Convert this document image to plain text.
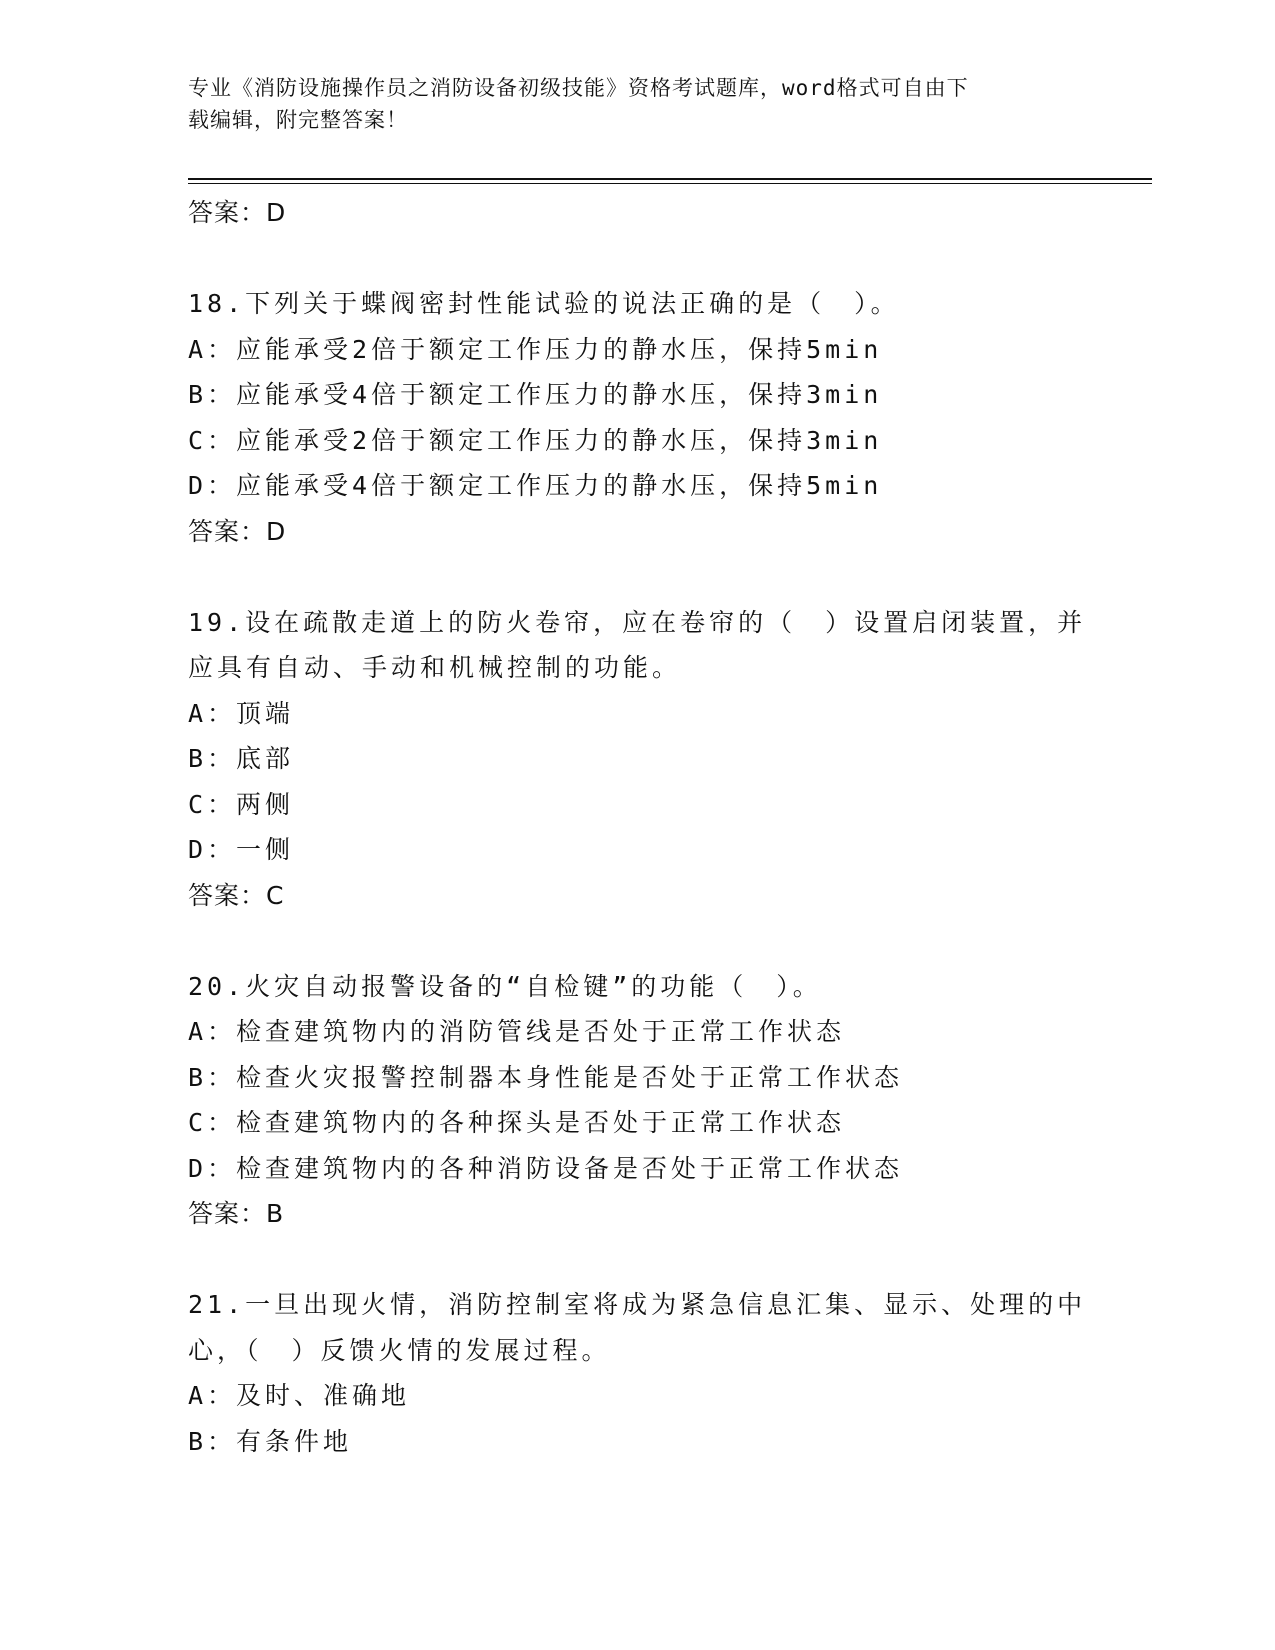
专业《消防设施操作员之消防设备初级技能》资格考试题库，word格式可自由下
载编辑，附完整答案！
答案：D
18.下列关于蝶阀密封性能试验的说法正确的是（　）。
A：应能承受2倍于额定工作压力的静水压，保持5min
B：应能承受4倍于额定工作压力的静水压，保持3min
C：应能承受2倍于额定工作压力的静水压，保持3min
D：应能承受4倍于额定工作压力的静水压，保持5min
答案：D
19.设在疏散走道上的防火卷帘，应在卷帘的（　）设置启闭装置，并
应具有自动、手动和机械控制的功能。
A：顶端
B：底部
C：两侧
D：一侧
答案：C
20.火灾自动报警设备的“自检键”的功能（　）。
A：检查建筑物内的消防管线是否处于正常工作状态
B：检查火灾报警控制器本身性能是否处于正常工作状态
C：检查建筑物内的各种探头是否处于正常工作状态
D：检查建筑物内的各种消防设备是否处于正常工作状态
答案：B
21.一旦出现火情，消防控制室将成为紧急信息汇集、显示、处理的中
心，（　）反馈火情的发展过程。
A：及时、准确地
B：有条件地
